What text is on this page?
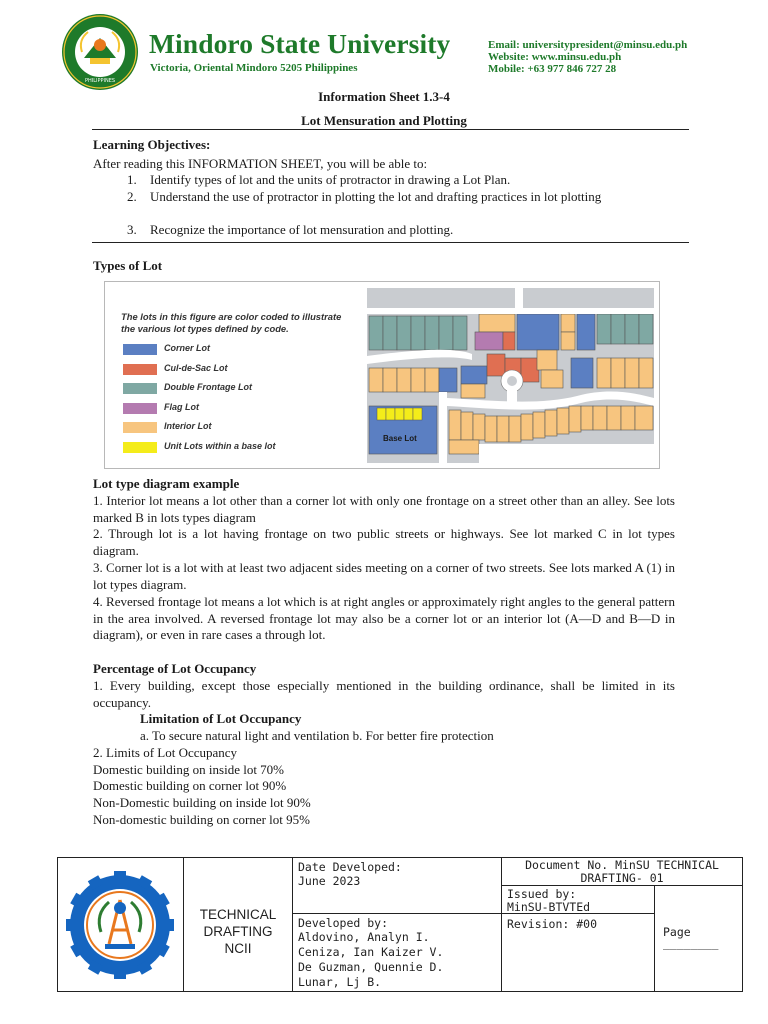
PHILIPPINES
Mindoro State University
Victoria, Oriental Mindoro 5205 Philippines
Email: universitypresident@minsu.edu.ph
Website: www.minsu.edu.ph
Mobile: +63 977 846 727 28
Information Sheet 1.3-4
Lot Mensuration and Plotting
Learning Objectives:
After reading this INFORMATION SHEET, you will be able to:
1. Identify types of lot and the units of protractor in drawing a Lot Plan.
2. Understand the use of protractor in plotting the lot and drafting practices in lot plotting
3. Recognize the importance of lot mensuration and plotting.
Types of Lot
The lots in this figure are color coded to illustrate
the various lot types defined by code.
Corner Lot
Cul-de-Sac Lot
Double Frontage Lot
Flag Lot
Interior Lot
Unit Lots within a base lot
Base Lot
Lot type diagram example
1. Interior lot means a lot other than a corner lot with only one frontage on a street other than an alley. See lots marked B in lots types diagram
2. Through lot is a lot having frontage on two public streets or highways. See lot marked C in lot types diagram.
3. Corner lot is a lot with at least two adjacent sides meeting on a corner of two streets. See lots marked A (1) in lot types diagram.
4. Reversed frontage lot means a lot which is at right angles or approximately right angles to the general pattern in the area involved. A reversed frontage lot may also be a corner lot or an interior lot (A—D and B—D in diagram), or even in rare cases a through lot.
Percentage of Lot Occupancy
1. Every building, except those especially mentioned in the building ordinance, shall be limited in its occupancy.
Limitation of Lot Occupancy
a. To secure natural light and ventilation b. For better fire protection
2. Limits of Lot Occupancy
Domestic building on inside lot 70%
Domestic building on corner lot 90%
Non-Domestic building on inside lot 90%
Non-domestic building on corner lot 95%
TECHNICAL
DRAFTING
NCII
Date Developed:
June 2023
Developed by:
Aldovino, Analyn I.
Ceniza, Ian Kaizer V.
De Guzman, Quennie D.
Lunar, Lj B.
Document No. MinSU TECHNICAL
DRAFTING- 01
Issued by:
MinSU-BTVTEd
Revision: #00
Page
________
